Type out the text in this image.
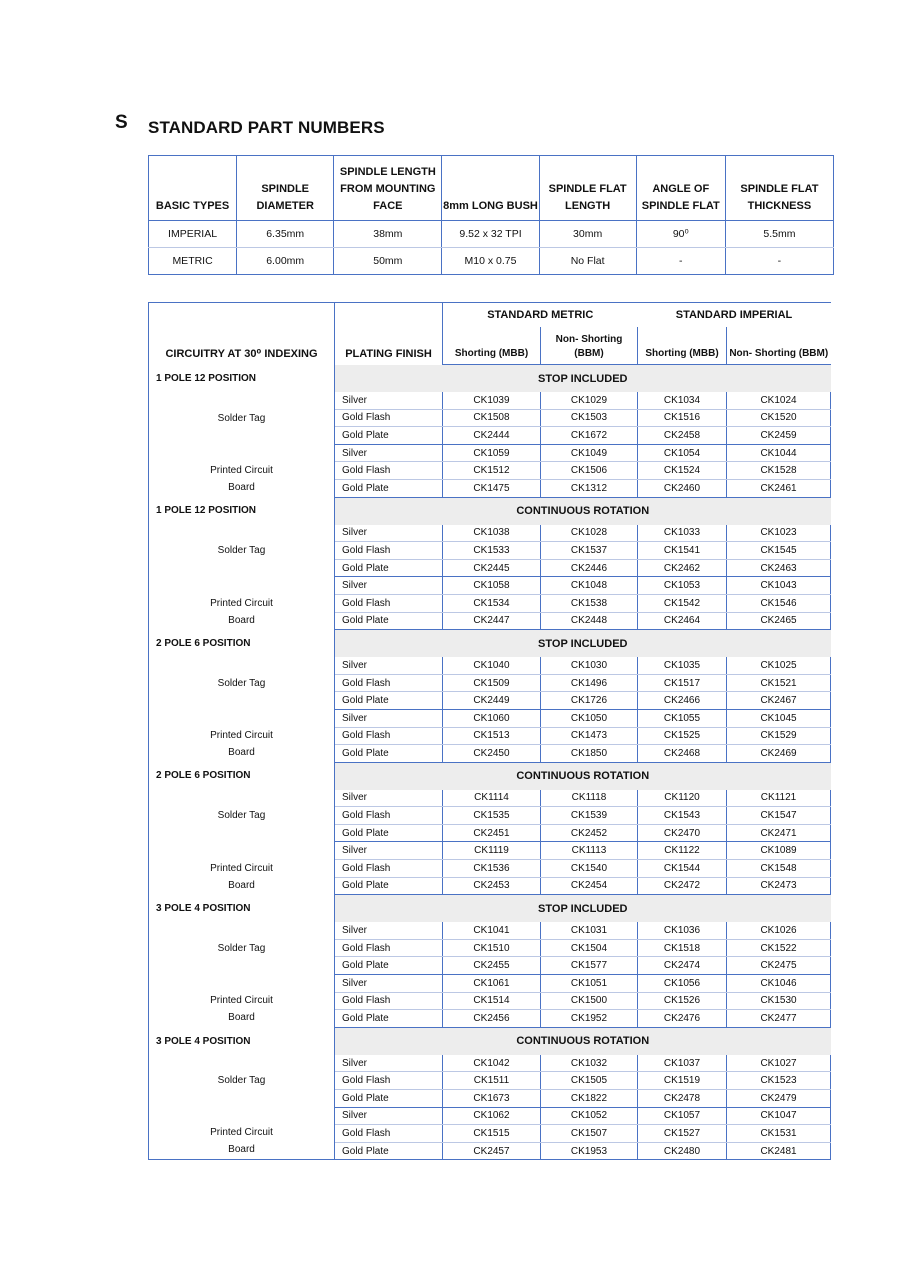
S STANDARD PART NUMBERS
BASIC TYPES	SPINDLE DIAMETER	SPINDLE LENGTH FROM MOUNTING FACE	8mm LONG BUSH	SPINDLE FLAT LENGTH	ANGLE OF SPINDLE FLAT	SPINDLE FLAT THICKNESS
IMPERIAL	6.35mm	38mm	9.52 x 32 TPI	30mm	90⁰	5.5mm
METRIC	6.00mm	50mm	M10 x 0.75	No Flat	-	-
CIRCUITRY AT 30⁰ INDEXING	PLATING FINISH	STANDARD METRIC		STANDARD IMPERIAL	
		Shorting (MBB)	Non- Shorting (BBM)	Shorting (MBB)	Non- Shorting (BBM)
1 POLE 12 POSITION	STOP INCLUDED				
Solder Tag	Silver	CK1039	CK1029	CK1034	CK1024
	Gold Flash	CK1508	CK1503	CK1516	CK1520
	Gold Plate	CK2444	CK1672	CK2458	CK2459

Printed Circuit
Board	Silver	CK1059	CK1049	CK1054	CK1044
	Gold Flash	CK1512	CK1506	CK1524	CK1528
	Gold Plate	CK1475	CK1312	CK2460	CK2461
1 POLE 12 POSITION	CONTINUOUS ROTATION				
Solder Tag	Silver	CK1038	CK1028	CK1033	CK1023
	Gold Flash	CK1533	CK1537	CK1541	CK1545
	Gold Plate	CK2445	CK2446	CK2462	CK2463

Printed Circuit
Board	Silver	CK1058	CK1048	CK1053	CK1043
	Gold Flash	CK1534	CK1538	CK1542	CK1546
	Gold Plate	CK2447	CK2448	CK2464	CK2465
2 POLE 6 POSITION	STOP INCLUDED				
Solder Tag	Silver	CK1040	CK1030	CK1035	CK1025
	Gold Flash	CK1509	CK1496	CK1517	CK1521
	Gold Plate	CK2449	CK1726	CK2466	CK2467

Printed Circuit
Board	Silver	CK1060	CK1050	CK1055	CK1045
	Gold Flash	CK1513	CK1473	CK1525	CK1529
	Gold Plate	CK2450	CK1850	CK2468	CK2469
2 POLE 6 POSITION	CONTINUOUS ROTATION				
Solder Tag	Silver	CK1114	CK1118	CK1120	CK1121
	Gold Flash	CK1535	CK1539	CK1543	CK1547
	Gold Plate	CK2451	CK2452	CK2470	CK2471

Printed Circuit
Board	Silver	CK1119	CK1113	CK1122	CK1089
	Gold Flash	CK1536	CK1540	CK1544	CK1548
	Gold Plate	CK2453	CK2454	CK2472	CK2473
3 POLE 4 POSITION	STOP INCLUDED				
Solder Tag	Silver	CK1041	CK1031	CK1036	CK1026
	Gold Flash	CK1510	CK1504	CK1518	CK1522
	Gold Plate	CK2455	CK1577	CK2474	CK2475

Printed Circuit
Board	Silver	CK1061	CK1051	CK1056	CK1046
	Gold Flash	CK1514	CK1500	CK1526	CK1530
	Gold Plate	CK2456	CK1952	CK2476	CK2477
3 POLE 4 POSITION	CONTINUOUS ROTATION				
Solder Tag	Silver	CK1042	CK1032	CK1037	CK1027
	Gold Flash	CK1511	CK1505	CK1519	CK1523
	Gold Plate	CK1673	CK1822	CK2478	CK2479

Printed Circuit
Board	Silver	CK1062	CK1052	CK1057	CK1047
	Gold Flash	CK1515	CK1507	CK1527	CK1531
	Gold Plate	CK2457	CK1953	CK2480	CK2481
